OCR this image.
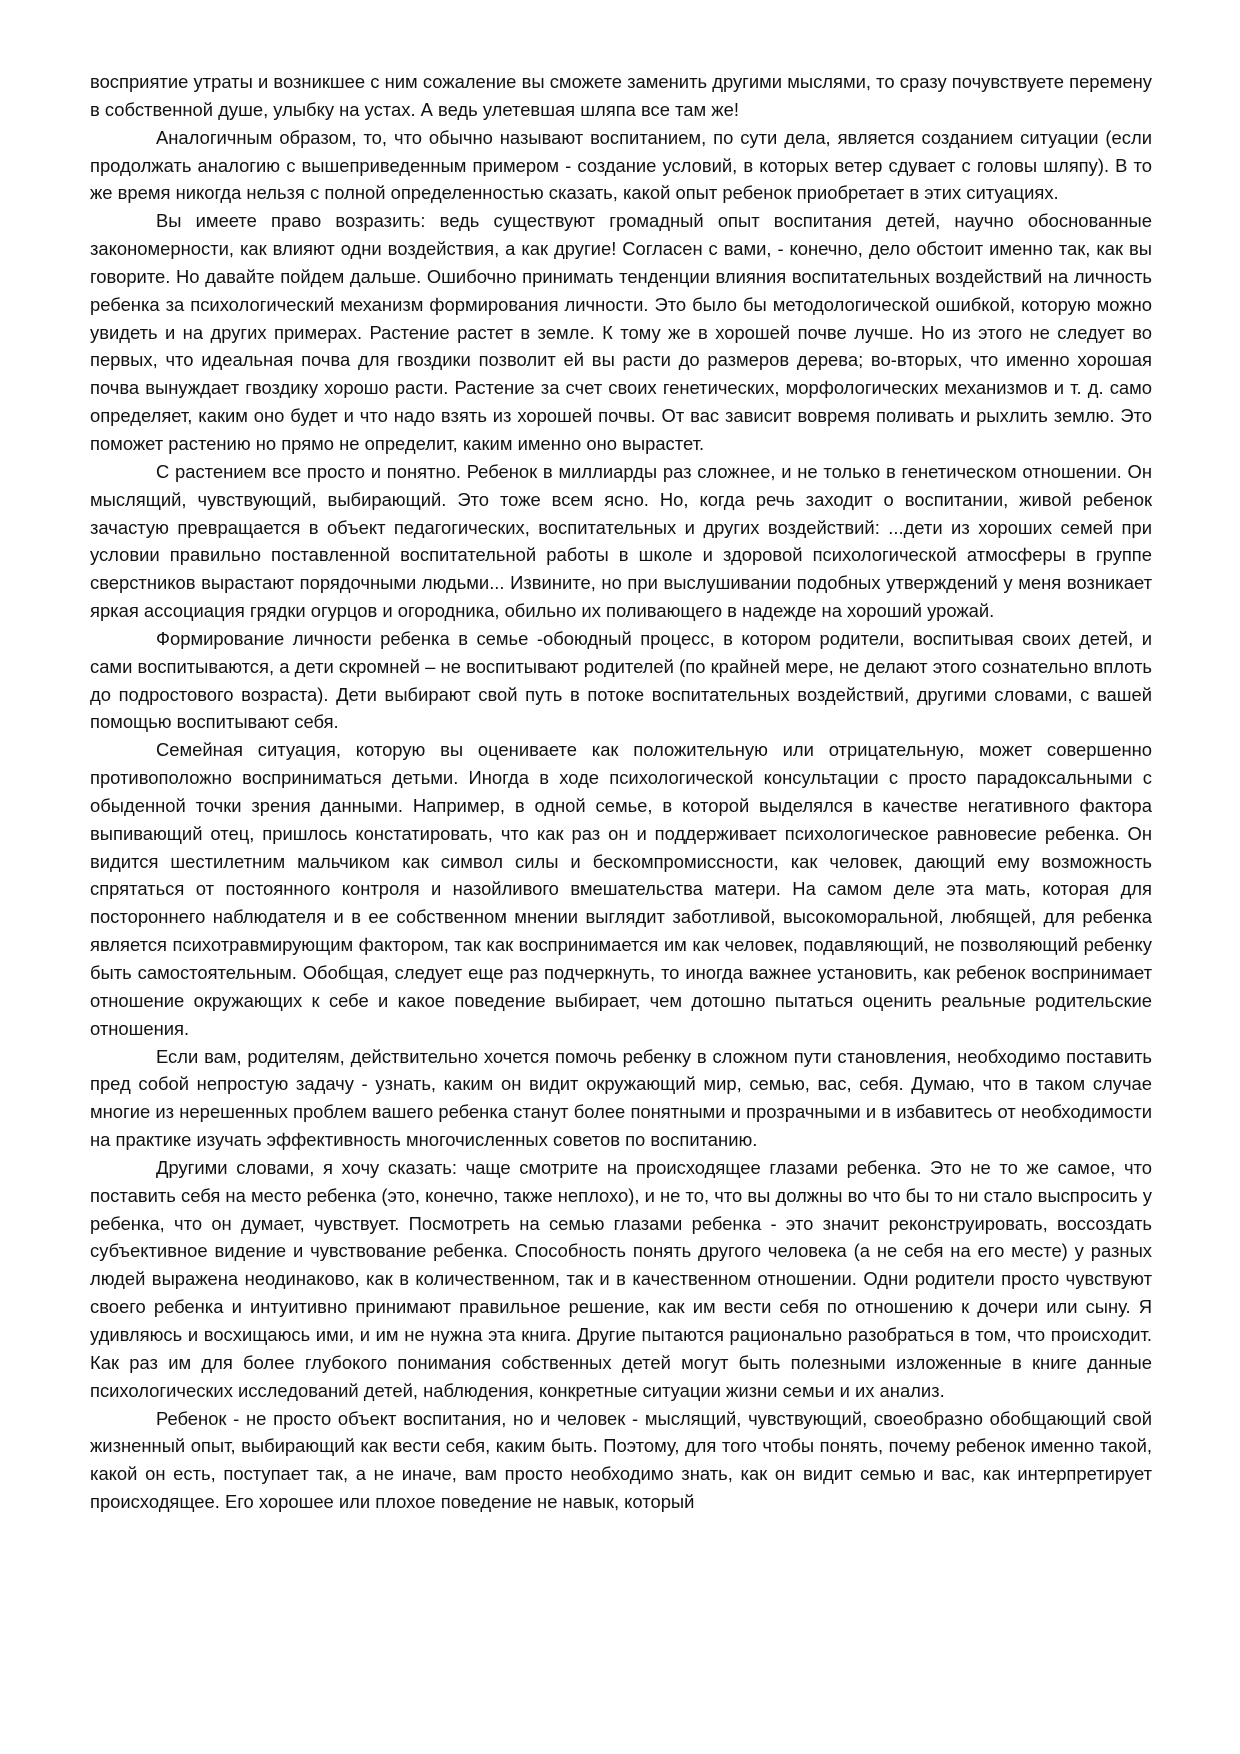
восприятие утраты и возникшее с ним сожаление вы сможете заменить другими мыслями, то сразу почувствуете перемену в собственной душе, улыбку на устах. А ведь улетевшая шляпа все там же!

Аналогичным образом, то, что обычно называют воспитанием, по сути дела, является созданием ситуации (если продолжать аналогию с вышеприведенным примером - создание условий, в которых ветер сдувает с головы шляпу). В то же время никогда нельзя с полной определенностью сказать, какой опыт ребенок приобретает в этих ситуациях.

Вы имеете право возразить: ведь существуют громадный опыт воспитания детей, научно обоснованные закономерности, как влияют одни воздействия, а как другие! Согласен с вами, - конечно, дело обстоит именно так, как вы говорите. Но давайте пойдем дальше. Ошибочно принимать тенденции влияния воспитательных воздействий на личность ребенка за психологический механизм формирования личности. Это было бы методологической ошибкой, которую можно увидеть и на других примерах. Растение растет в земле. К тому же в хорошей почве лучше. Но из этого не следует во первых, что идеальная почва для гвоздики позволит ей вы расти до размеров дерева; во-вторых, что именно хорошая почва вынуждает гвоздику хорошо расти. Растение за счет своих генетических, морфологических механизмов и т. д. само определяет, каким оно будет и что надо взять из хорошей почвы. От вас зависит вовремя поливать и рыхлить землю. Это поможет растению но прямо не определит, каким именно оно вырастет.

С растением все просто и понятно. Ребенок в миллиарды раз сложнее, и не только в генетическом отношении. Он мыслящий, чувствующий, выбирающий. Это тоже всем ясно. Но, когда речь заходит о воспитании, живой ребенок зачастую превращается в объект педагогических, воспитательных и других воздействий: ...дети из хороших семей при условии правильно поставленной воспитательной работы в школе и здоровой психологической атмосферы в группе сверстников вырастают порядочными людьми... Извините, но при выслушивании подобных утверждений у меня возникает яркая ассоциация грядки огурцов и огородника, обильно их поливающего в надежде на хороший урожай.

Формирование личности ребенка в семье -обоюдный процесс, в котором родители, воспитывая своих детей, и сами воспитываются, а дети скромней – не воспитывают родителей (по крайней мере, не делают этого сознательно вплоть до подростового возраста). Дети выбирают свой путь в потоке воспитательных воздействий, другими словами, с вашей помощью воспитывают себя.

Семейная ситуация, которую вы оцениваете как положительную или отрицательную, может совершенно противоположно восприниматься детьми. Иногда в ходе психологической консультации с просто парадоксальными с обыденной точки зрения данными. Например, в одной семье, в которой выделялся в качестве негативного фактора выпивающий отец, пришлось констатировать, что как раз он и поддерживает психологическое равновесие ребенка. Он видится шестилетним мальчиком как символ силы и бескомпромиссности, как человек, дающий ему возможность спрятаться от постоянного контроля и назойливого вмешательства матери. На самом деле эта мать, которая для постороннего наблюдателя и в ее собственном мнении выглядит заботливой, высокоморальной, любящей, для ребенка является психотравмирующим фактором, так как воспринимается им как человек, подавляющий, не позволяющий ребенку быть самостоятельным. Обобщая, следует еще раз подчеркнуть, то иногда важнее установить, как ребенок воспринимает отношение окружающих к себе и какое поведение выбирает, чем дотошно пытаться оценить реальные родительские отношения.

Если вам, родителям, действительно хочется помочь ребенку в сложном пути становления, необходимо поставить пред собой непростую задачу - узнать, каким он видит окружающий мир, семью, вас, себя. Думаю, что в таком случае многие из нерешенных проблем вашего ребенка станут более понятными и прозрачными и в избавитесь от необходимости на практике изучать эффективность многочисленных советов по воспитанию.

Другими словами, я хочу сказать: чаще смотрите на происходящее глазами ребенка. Это не то же самое, что поставить себя на место ребенка (это, конечно, также неплохо), и не то, что вы должны во что бы то ни стало выспросить у ребенка, что он думает, чувствует. Посмотреть на семью глазами ребенка - это значит реконструировать, воссоздать субъективное видение и чувствование ребенка. Способность понять другого человека (а не себя на его месте) у разных людей выражена неодинаково, как в количественном, так и в качественном отношении. Одни родители просто чувствуют своего ребенка и интуитивно принимают правильное решение, как им вести себя по отношению к дочери или сыну. Я удивляюсь и восхищаюсь ими, и им не нужна эта книга. Другие пытаются рационально разобраться в том, что происходит. Как раз им для более глубокого понимания собственных детей могут быть полезными изложенные в книге данные психологических исследований детей, наблюдения, конкретные ситуации жизни семьи и их анализ.

Ребенок - не просто объект воспитания, но и человек - мыслящий, чувствующий, своеобразно обобщающий свой жизненный опыт, выбирающий как вести себя, каким быть. Поэтому, для того чтобы понять, почему ребенок именно такой, какой он есть, поступает так, а не иначе, вам просто необходимо знать, как он видит семью и вас, как интерпретирует происходящее. Его хорошее или плохое поведение не навык, который
